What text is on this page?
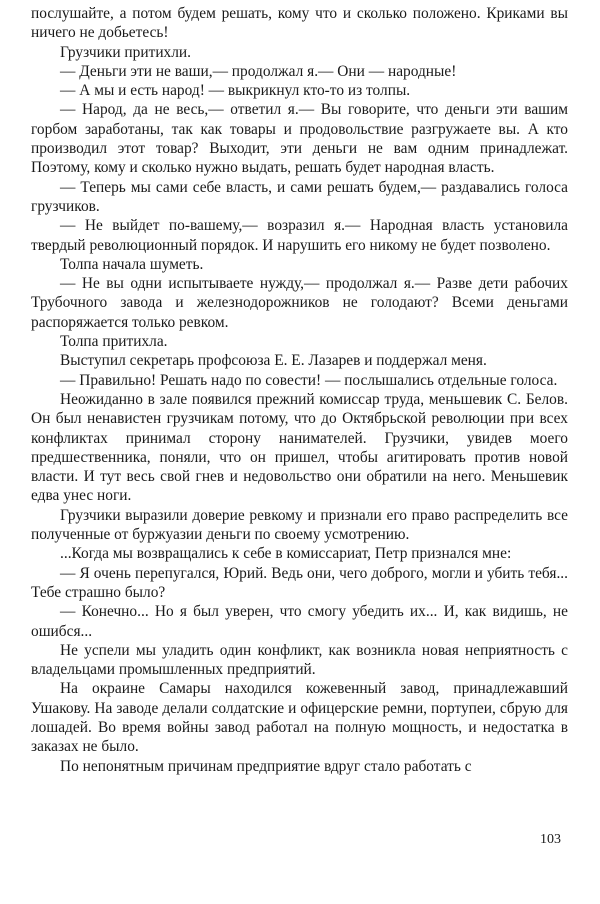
послушайте, а потом будем решать, кому что и сколько положено. Криками вы ничего не добьетесь!

Грузчики притихли.

— Деньги эти не ваши,— продолжал я.— Они — народные!

— А мы и есть народ! — выкрикнул кто-то из толпы.

— Народ, да не весь,— ответил я.— Вы говорите, что деньги эти вашим горбом заработаны, так как товары и продовольствие разгружаете вы. А кто производил этот товар? Выходит, эти деньги не вам одним принадлежат. Поэтому, кому и сколько нужно выдать, решать будет народная власть.

— Теперь мы сами себе власть, и сами решать будем,— раздавались голоса грузчиков.

— Не выйдет по-вашему,— возразил я.— Народная власть установила твердый революционный порядок. И нарушить его никому не будет позволено.

Толпа начала шуметь.

— Не вы одни испытываете нужду,— продолжал я.— Разве дети рабочих Трубочного завода и железнодорожников не голодают? Всеми деньгами распоряжается только ревком.

Толпа притихла.

Выступил секретарь профсоюза Е. Е. Лазарев и поддержал меня.

— Правильно! Решать надо по совести! — послышались отдельные голоса.

Неожиданно в зале появился прежний комиссар труда, меньшевик С. Белов. Он был ненавистен грузчикам потому, что до Октябрьской революции при всех конфликтах принимал сторону нанимателей. Грузчики, увидев моего предшественника, поняли, что он пришел, чтобы агитировать против новой власти. И тут весь свой гнев и недовольство они обратили на него. Меньшевик едва унес ноги.

Грузчики выразили доверие ревкому и признали его право распределить все полученные от буржуазии деньги по своему усмотрению.

...Когда мы возвращались к себе в комиссариат, Петр признался мне:

— Я очень перепугался, Юрий. Ведь они, чего доброго, могли и убить тебя... Тебе страшно было?

— Конечно... Но я был уверен, что смогу убедить их... И, как видишь, не ошибся...

Не успели мы уладить один конфликт, как возникла новая неприятность с владельцами промышленных предприятий.

На окраине Самары находился кожевенный завод, принадлежавший Ушакову. На заводе делали солдатские и офицерские ремни, портупеи, сбрую для лошадей. Во время войны завод работал на полную мощность, и недостатка в заказах не было.

По непонятным причинам предприятие вдруг стало работать с

103
